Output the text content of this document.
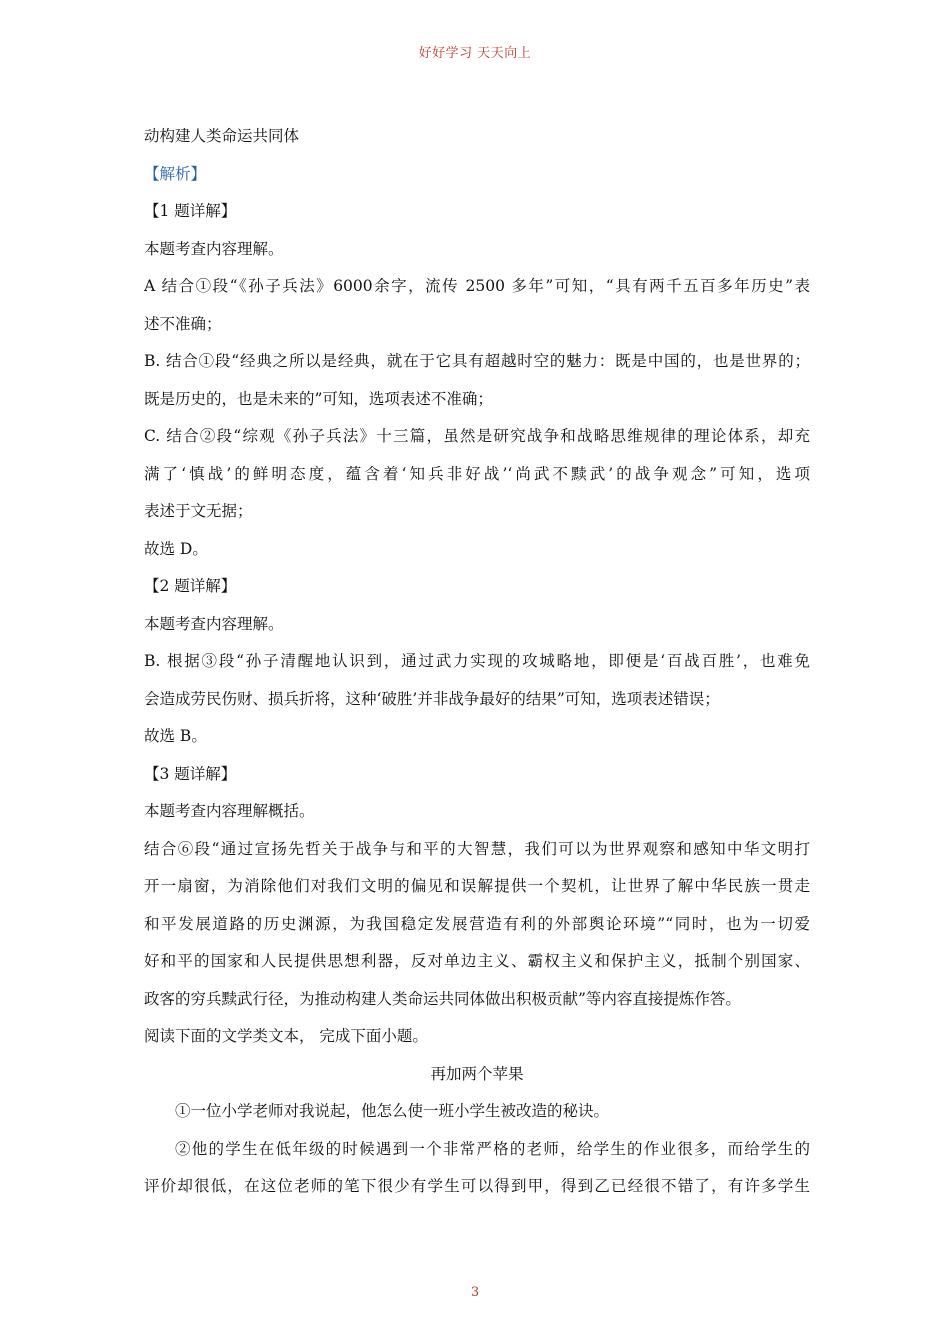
好好学习 天天向上
动构建人类命运共同体
【解析】
【1 题详解】
本题考查内容理解。
A 结合①段“《孙子兵法》6000余字，流传 2500 多年”可知，“具有两千五百多年历史”表
述不准确；
B. 结合①段“经典之所以是经典，就在于它具有超越时空的魅力：既是中国的，也是世界的；
既是历史的，也是未来的”可知，选项表述不准确；
C. 结合②段“综观《孙子兵法》十三篇，虽然是研究战争和战略思维规律的理论体系，却充
满了‘慎战’的鲜明态度，蕴含着‘知兵非好战’‘尚武不黩武’的战争观念”可知，选项
表述于文无据；
故选 D。
【2 题详解】
本题考查内容理解。
B. 根据③段“孙子清醒地认识到，通过武力实现的攻城略地，即便是‘百战百胜’，也难免
会造成劳民伤财、损兵折将，这种‘破胜’并非战争最好的结果”可知，选项表述错误；
故选 B。
【3 题详解】
本题考查内容理解概括。
结合⑥段“通过宣扬先哲关于战争与和平的大智慧，我们可以为世界观察和感知中华文明打
开一扇窗，为消除他们对我们文明的偏见和误解提供一个契机，让世界了解中华民族一贯走
和平发展道路的历史渊源，为我国稳定发展营造有利的外部舆论环境”“同时，也为一切爱
好和平的国家和人民提供思想利器，反对单边主义、霸权主义和保护主义，抵制个别国家、
政客的穷兵黩武行径，为推动构建人类命运共同体做出积极贡献”等内容直接提炼作答。
阅读下面的文学类文本， 完成下面小题。
再加两个苹果
①一位小学老师对我说起，他怎么使一班小学生被改造的秘诀。
②他的学生在低年级的时候遇到一个非常严格的老师，给学生的作业很多，而给学生的
评价却很低，在这位老师的笔下很少有学生可以得到甲，得到乙已经很不错了，有许多学生
3
